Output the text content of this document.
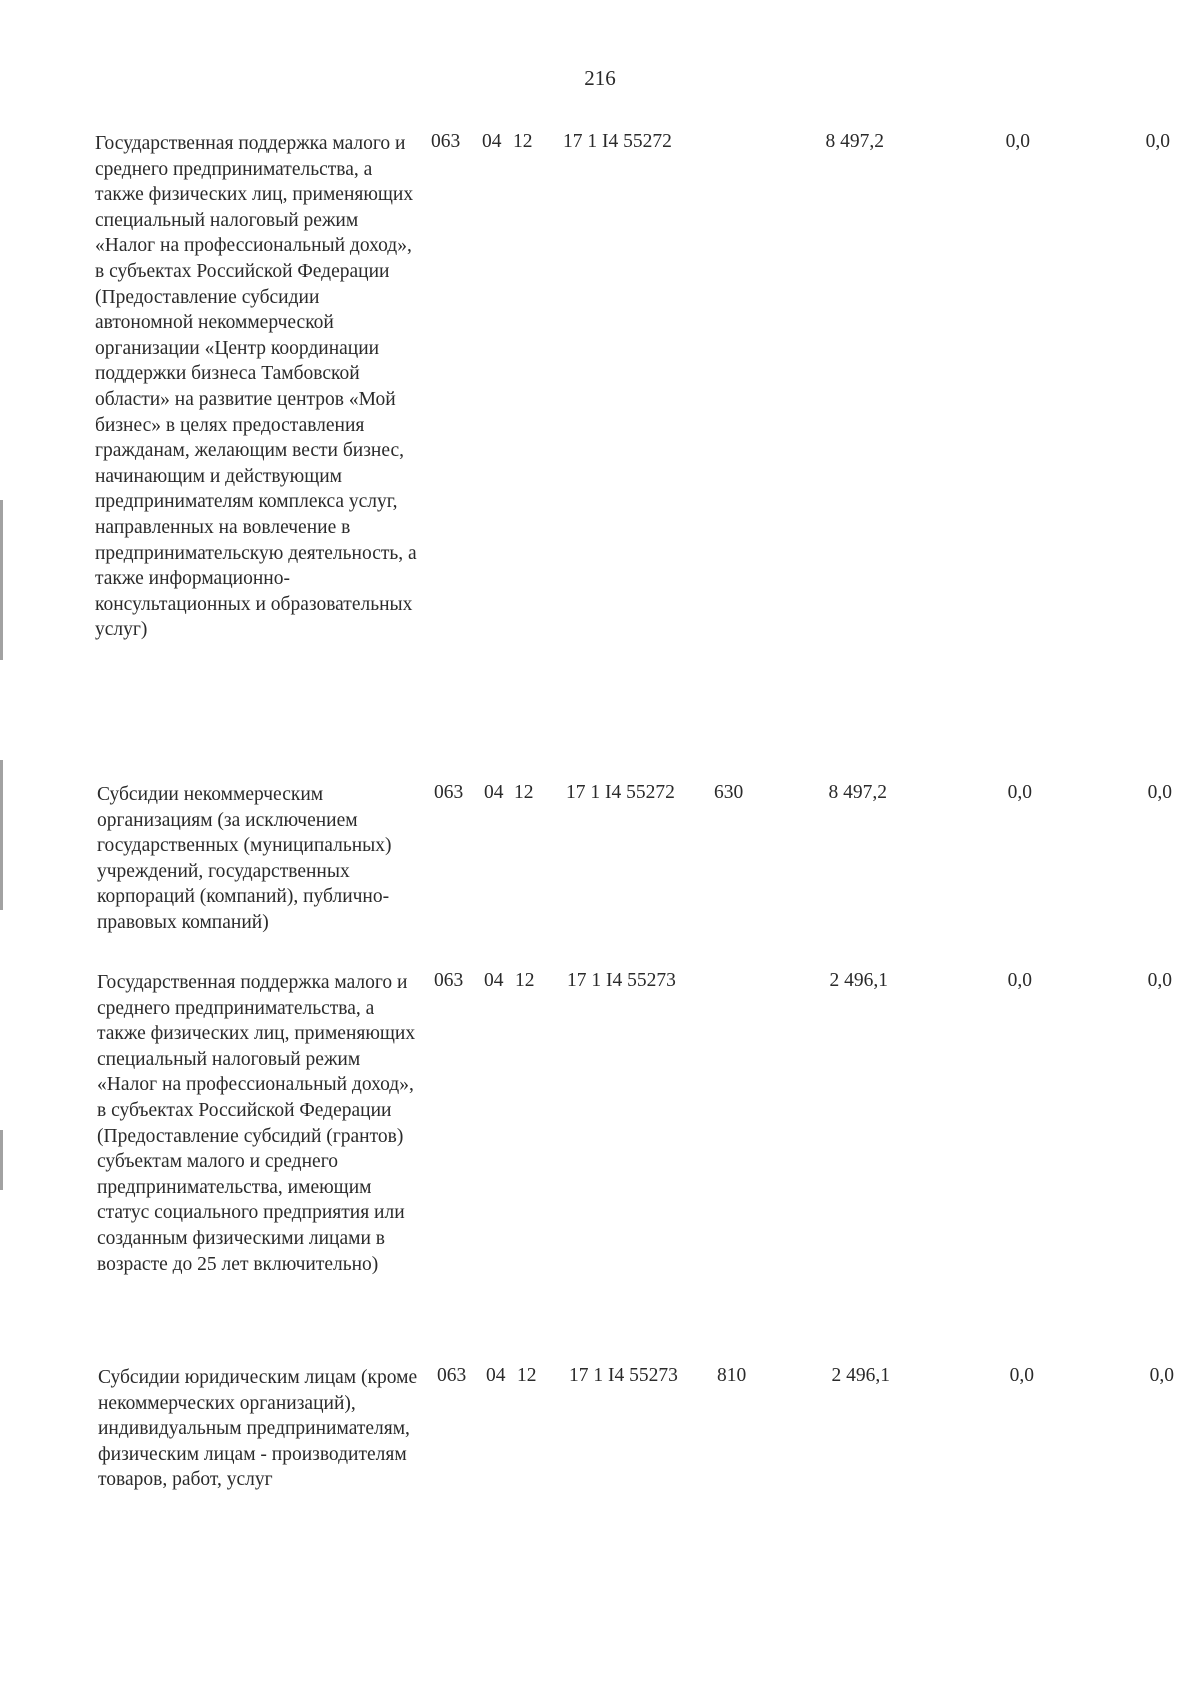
216
Государственная поддержка малого и среднего предпринимательства, а также физических лиц, применяющих специальный налоговый режим «Налог на профессиональный доход», в субъектах Российской Федерации (Предоставление субсидии автономной некоммерческой организации «Центр координации поддержки бизнеса Тамбовской области» на развитие центров «Мой бизнес» в целях предоставления гражданам, желающим вести бизнес, начинающим и действующим предпринимателям комплекса услуг, направленных на вовлечение в предпринимательскую деятельность, а также информационно-консультационных и образовательных услуг)
063 04 12 17 1 I4 55272	8 497,2	0,0	0,0
Субсидии некоммерческим организациям (за исключением государственных (муниципальных) учреждений, государственных корпораций (компаний), публично-правовых компаний)
063 04 12 17 1 I4 55272 630	8 497,2	0,0	0,0
Государственная поддержка малого и среднего предпринимательства, а также физических лиц, применяющих специальный налоговый режим «Налог на профессиональный доход», в субъектах Российской Федерации (Предоставление субсидий (грантов) субъектам малого и среднего предпринимательства, имеющим статус социального предприятия или созданным физическими лицами в возрасте до 25 лет включительно)
063 04 12 17 1 I4 55273	2 496,1	0,0	0,0
Субсидии юридическим лицам (кроме некоммерческих организаций), индивидуальным предпринимателям, физическим лицам - производителям товаров, работ, услуг
063 04 12 17 1 I4 55273 810	2 496,1	0,0	0,0
